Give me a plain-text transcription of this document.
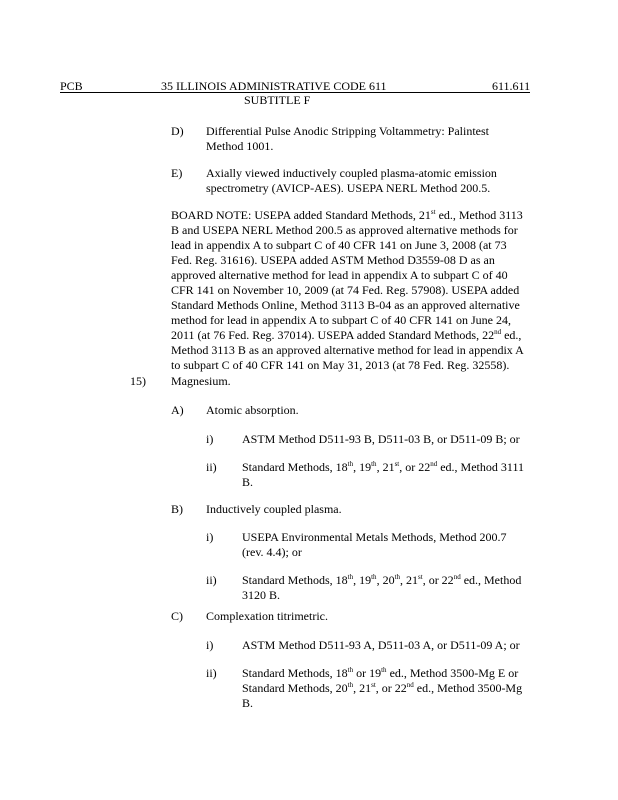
PCB	35 ILLINOIS ADMINISTRATIVE CODE 611	611.611
SUBTITLE F
D) Differential Pulse Anodic Stripping Voltammetry: Palintest
Method 1001.
E) Axially viewed inductively coupled plasma-atomic emission
spectrometry (AVICP-AES). USEPA NERL Method 200.5.
BOARD NOTE: USEPA added Standard Methods, 21st ed., Method 3113
B and USEPA NERL Method 200.5 as approved alternative methods for
lead in appendix A to subpart C of 40 CFR 141 on June 3, 2008 (at 73
Fed. Reg. 31616). USEPA added ASTM Method D3559-08 D as an
approved alternative method for lead in appendix A to subpart C of 40
CFR 141 on November 10, 2009 (at 74 Fed. Reg. 57908). USEPA added
Standard Methods Online, Method 3113 B-04 as an approved alternative
method for lead in appendix A to subpart C of 40 CFR 141 on June 24,
2011 (at 76 Fed. Reg. 37014). USEPA added Standard Methods, 22nd ed.,
Method 3113 B as an approved alternative method for lead in appendix A
to subpart C of 40 CFR 141 on May 31, 2013 (at 78 Fed. Reg. 32558).
15) Magnesium.
A) Atomic absorption.
i) ASTM Method D511-93 B, D511-03 B, or D511-09 B; or
ii) Standard Methods, 18th, 19th, 21st, or 22nd ed., Method 3111
B.
B) Inductively coupled plasma.
i) USEPA Environmental Metals Methods, Method 200.7
(rev. 4.4); or
ii) Standard Methods, 18th, 19th, 20th, 21st, or 22nd ed., Method
3120 B.
C) Complexation titrimetric.
i) ASTM Method D511-93 A, D511-03 A, or D511-09 A; or
ii) Standard Methods, 18th or 19th ed., Method 3500-Mg E or
Standard Methods, 20th, 21st, or 22nd ed., Method 3500-Mg
B.
